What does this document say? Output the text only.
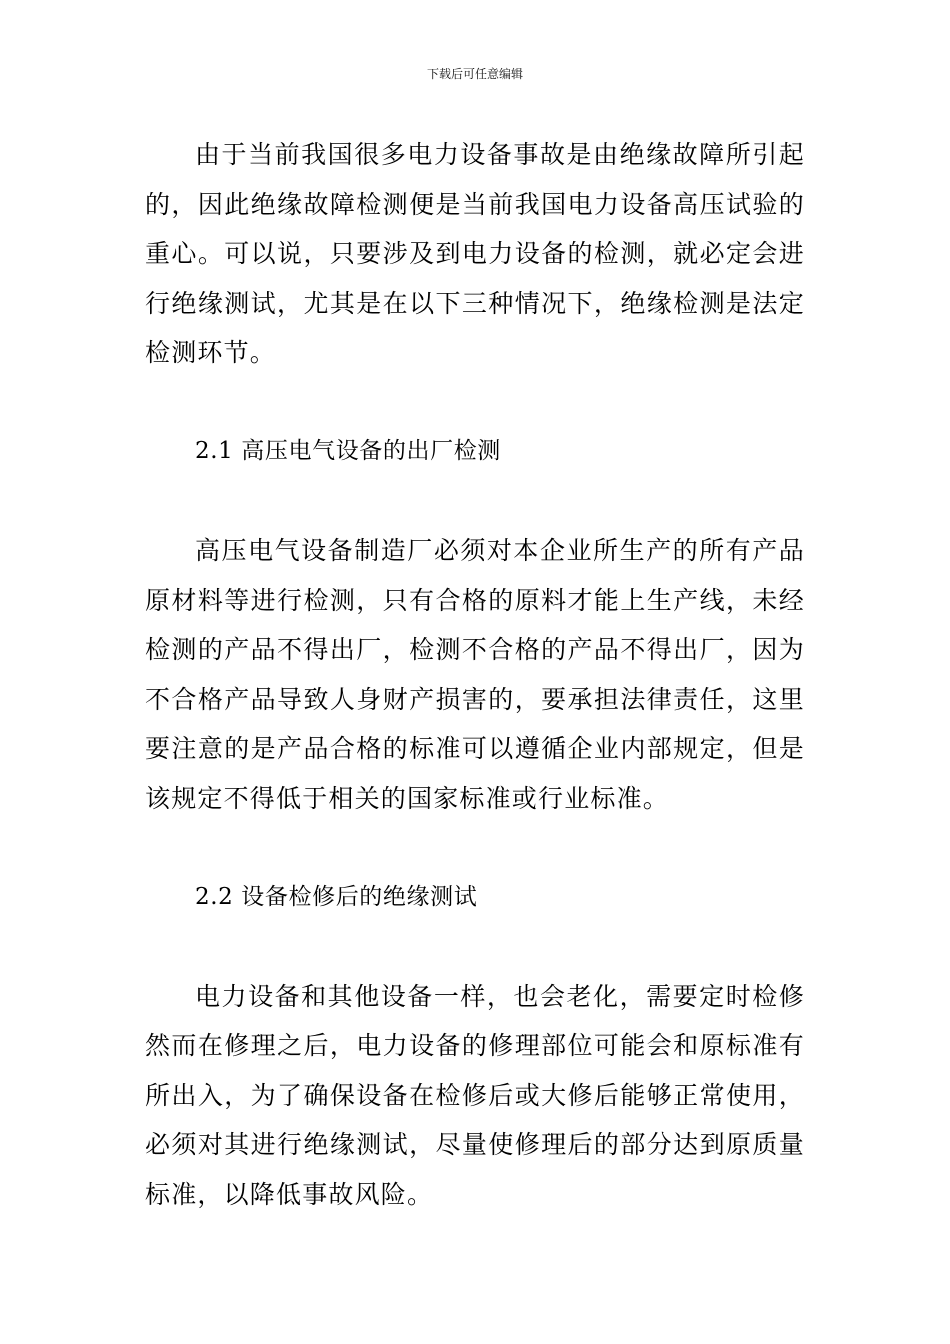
下载后可任意编辑

由于当前我国很多电力设备事故是由绝缘故障所引起的，因此绝缘故障检测便是当前我国电力设备高压试验的重心。可以说，只要涉及到电力设备的检测，就必定会进行绝缘测试，尤其是在以下三种情况下，绝缘检测是法定检测环节。

2.1 高压电气设备的出厂检测

高压电气设备制造厂必须对本企业所生产的所有产品原材料等进行检测，只有合格的原料才能上生产线，未经检测的产品不得出厂，检测不合格的产品不得出厂，因为不合格产品导致人身财产损害的，要承担法律责任，这里要注意的是产品合格的标准可以遵循企业内部规定，但是该规定不得低于相关的国家标准或行业标准。

2.2 设备检修后的绝缘测试

电力设备和其他设备一样，也会老化，需要定时检修然而在修理之后，电力设备的修理部位可能会和原标准有所出入，为了确保设备在检修后或大修后能够正常使用，必须对其进行绝缘测试，尽量使修理后的部分达到原质量标准，以降低事故风险。
